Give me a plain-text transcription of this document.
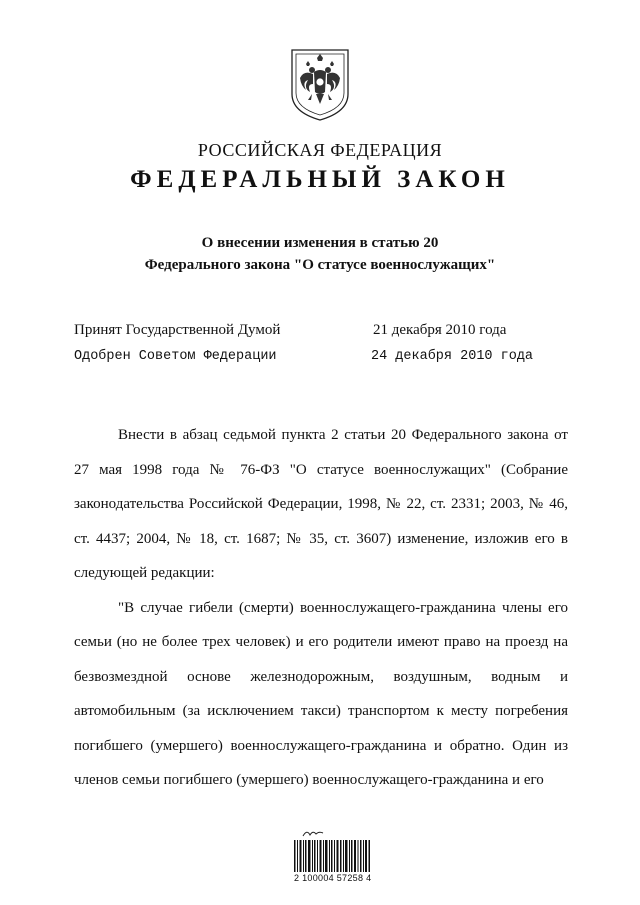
РОССИЙСКАЯ ФЕДЕРАЦИЯ
ФЕДЕРАЛЬНЫЙ ЗАКОН
О внесении изменения в статью 20
Федерального закона "О статусе военнослужащих"
Принят Государственной Думой	21 декабря 2010 года
Одобрен Советом Федерации	24 декабря 2010 года

Внести в абзац седьмой пункта 2 статьи 20 Федерального закона от 27 мая 1998 года № 76-ФЗ "О статусе военнослужащих" (Собрание законодательства Российской Федерации, 1998, № 22, ст. 2331; 2003, № 46, ст. 4437; 2004, № 18, ст. 1687; № 35, ст. 3607) изменение, изложив его в следующей редакции:

"В случае гибели (смерти) военнослужащего-гражданина члены его семьи (но не более трех человек) и его родители имеют право на проезд на безвозмездной основе железнодорожным, воздушным, водным и автомобильным (за исключением такси) транспортом к месту погребения погибшего (умершего) военнослужащего-гражданина и обратно. Один из членов семьи погибшего (умершего) военнослужащего-гражданина и его

2 100004 57258 4
